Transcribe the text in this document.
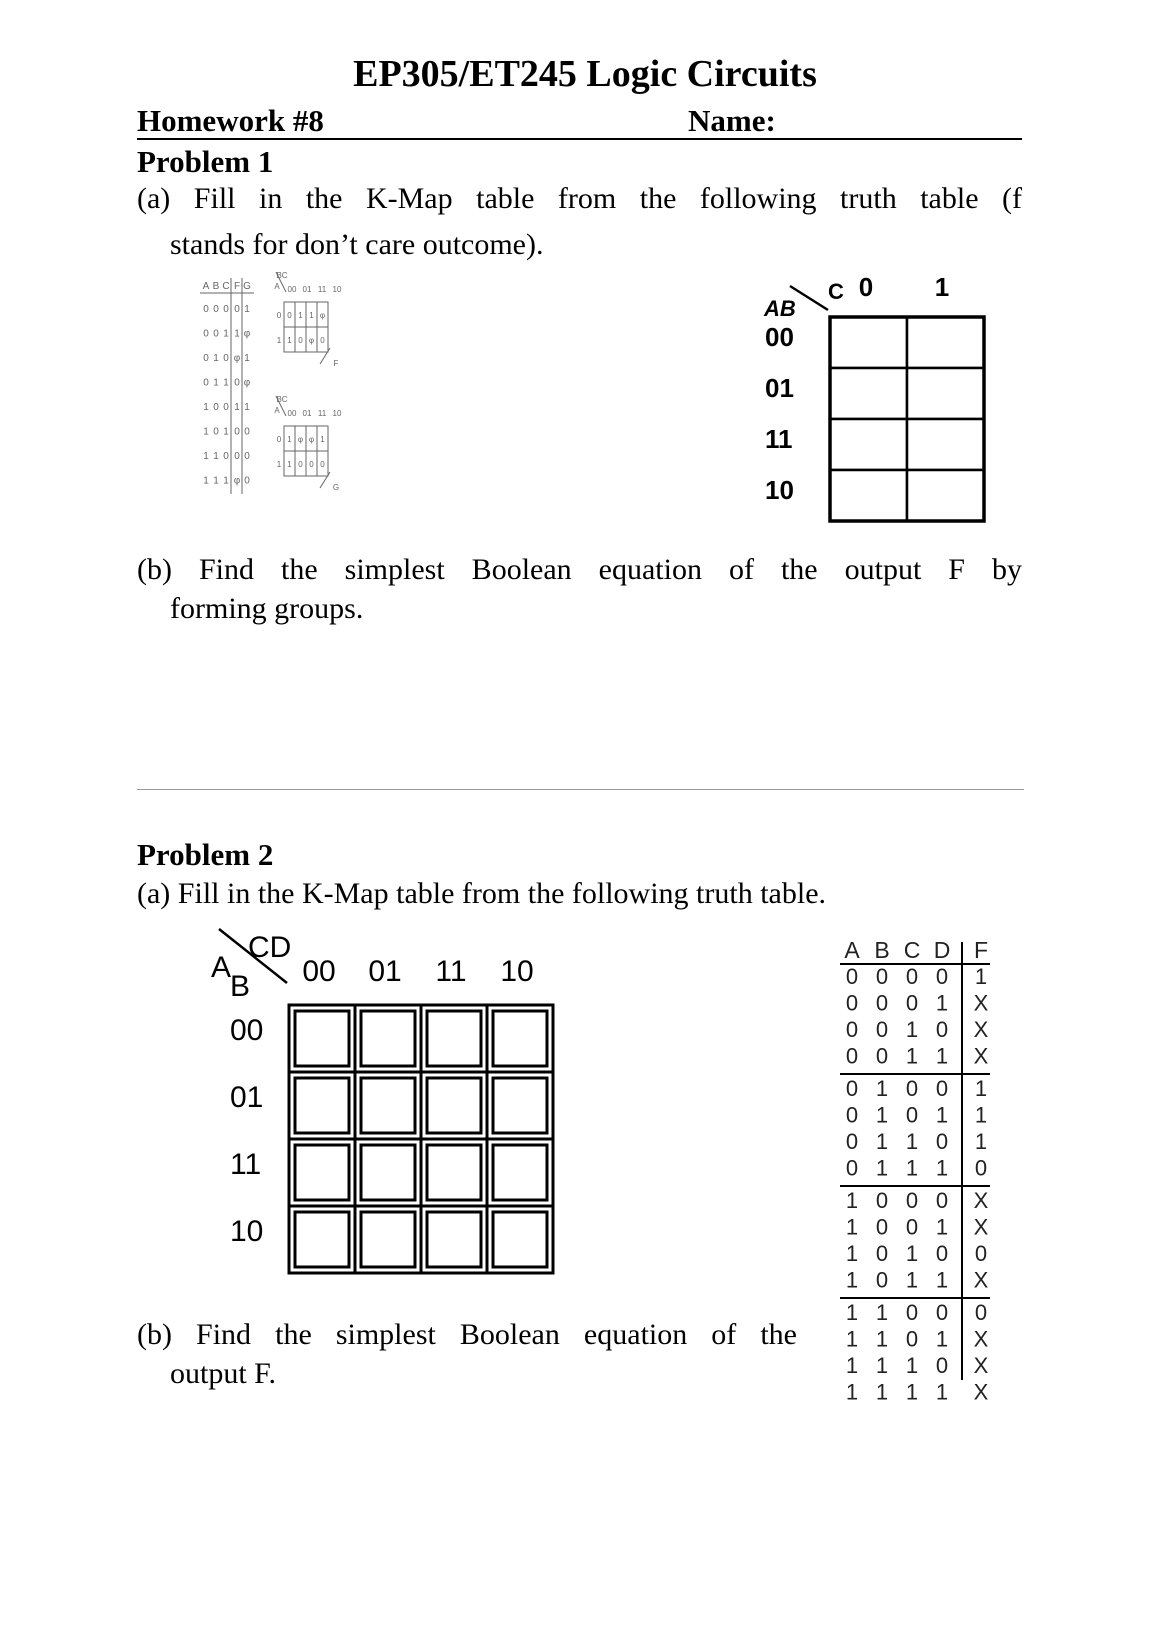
EP305/ET245 Logic Circuits
Homework #8	Name:
Problem 1
(a) Fill in the K-Map table from the following truth table (f
stands for don’t care outcome).
A B C F G
0 0 0 0 1
0 0 1 1 φ
0 1 0 φ 1
0 1 1 0 φ
1 0 0 1 1
1 0 1 0 0
1 1 0 0 0
1 1 1 φ 0
BC
A 00 01 11 10
0 0 1 1 φ
1 1 0 φ 0
F
BC
A 00 01 11 10
0 1 φ φ 1
1 1 0 0 0
G
C
AB
0 1
00
01
11
10
(b) Find the simplest Boolean equation of the output F by
forming groups.
Problem 2
(a) Fill in the K-Map table from the following truth table.
CD
A
B 00 01 11 10
00
01
11
10
(b) Find the simplest Boolean equation of the
output F.
A B C D F
0 0 0 0 1
0 0 0 1 X
0 0 1 0 X
0 0 1 1 X
0 1 0 0 1
0 1 0 1 1
0 1 1 0 1
0 1 1 1 0
1 0 0 0 X
1 0 0 1 X
1 0 1 0 0
1 0 1 1 X
1 1 0 0 0
1 1 0 1 X
1 1 1 0 X
1 1 1 1 X
